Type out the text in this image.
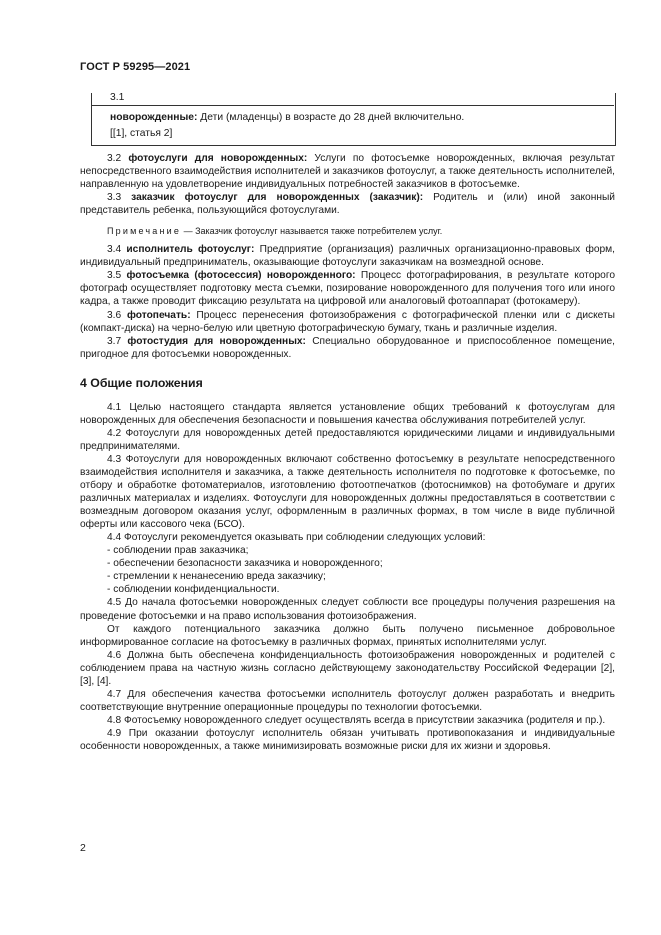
ГОСТ Р 59295—2021
3.1
новорожденные: Дети (младенцы) в возрасте до 28 дней включительно.
[[1], статья 2]

3.2 фотоуслуги для новорожденных: Услуги по фотосъемке новорожденных, включая результат непосредственного взаимодействия исполнителей и заказчиков фотоуслуг, а также деятельность исполнителей, направленную на удовлетворение индивидуальных потребностей заказчиков в фотосъемке.

3.3 заказчик фотоуслуг для новорожденных (заказчик): Родитель и (или) иной законный представитель ребенка, пользующийся фотоуслугами.

Примечание — Заказчик фотоуслуг называется также потребителем услуг.

3.4 исполнитель фотоуслуг: Предприятие (организация) различных организационно-правовых форм, индивидуальный предприниматель, оказывающие фотоуслуги заказчикам на возмездной основе.

3.5 фотосъемка (фотосессия) новорожденного: Процесс фотографирования, в результате которого фотограф осуществляет подготовку места съемки, позирование новорожденного для получения того или иного кадра, а также проводит фиксацию результата на цифровой или аналоговый фотоаппарат (фотокамеру).

3.6 фотопечать: Процесс перенесения фотоизображения с фотографической пленки или с дискеты (компакт-диска) на черно-белую или цветную фотографическую бумагу, ткань и различные изделия.

3.7 фотостудия для новорожденных: Специально оборудованное и приспособленное помещение, пригодное для фотосъемки новорожденных.

4 Общие положения

4.1 Целью настоящего стандарта является установление общих требований к фотоуслугам для новорожденных для обеспечения безопасности и повышения качества обслуживания потребителей услуг.

4.2 Фотоуслуги для новорожденных детей предоставляются юридическими лицами и индивидуальными предпринимателями.

4.3 Фотоуслуги для новорожденных включают собственно фотосъемку в результате непосредственного взаимодействия исполнителя и заказчика, а также деятельность исполнителя по подготовке к фотосъемке, по отбору и обработке фотоматериалов, изготовлению фотоотпечатков (фотоснимков) на фотобумаге и других различных материалах и изделиях. Фотоуслуги для новорожденных должны предоставляться в соответствии с возмездным договором оказания услуг, оформленным в различных формах, в том числе в виде публичной оферты или кассового чека (БСО).

4.4 Фотоуслуги рекомендуется оказывать при соблюдении следующих условий:

- соблюдении прав заказчика;
- обеспечении безопасности заказчика и новорожденного;
- стремлении к ненанесению вреда заказчику;
- соблюдении конфиденциальности.

4.5 До начала фотосъемки новорожденных следует соблюсти все процедуры получения разрешения на проведение фотосъемки и на право использования фотоизображения.

От каждого потенциального заказчика должно быть получено письменное добровольное информированное согласие на фотосъемку в различных формах, принятых исполнителями услуг.

4.6 Должна быть обеспечена конфиденциальность фотоизображения новорожденных и родителей с соблюдением права на частную жизнь согласно действующему законодательству Российской Федерации [2], [3], [4].

4.7 Для обеспечения качества фотосъемки исполнитель фотоуслуг должен разработать и внедрить соответствующие внутренние операционные процедуры по технологии фотосъемки.

4.8 Фотосъемку новорожденного следует осуществлять всегда в присутствии заказчика (родителя и пр.).

4.9 При оказании фотоуслуг исполнитель обязан учитывать противопоказания и индивидуальные особенности новорожденных, а также минимизировать возможные риски для их жизни и здоровья.

2
